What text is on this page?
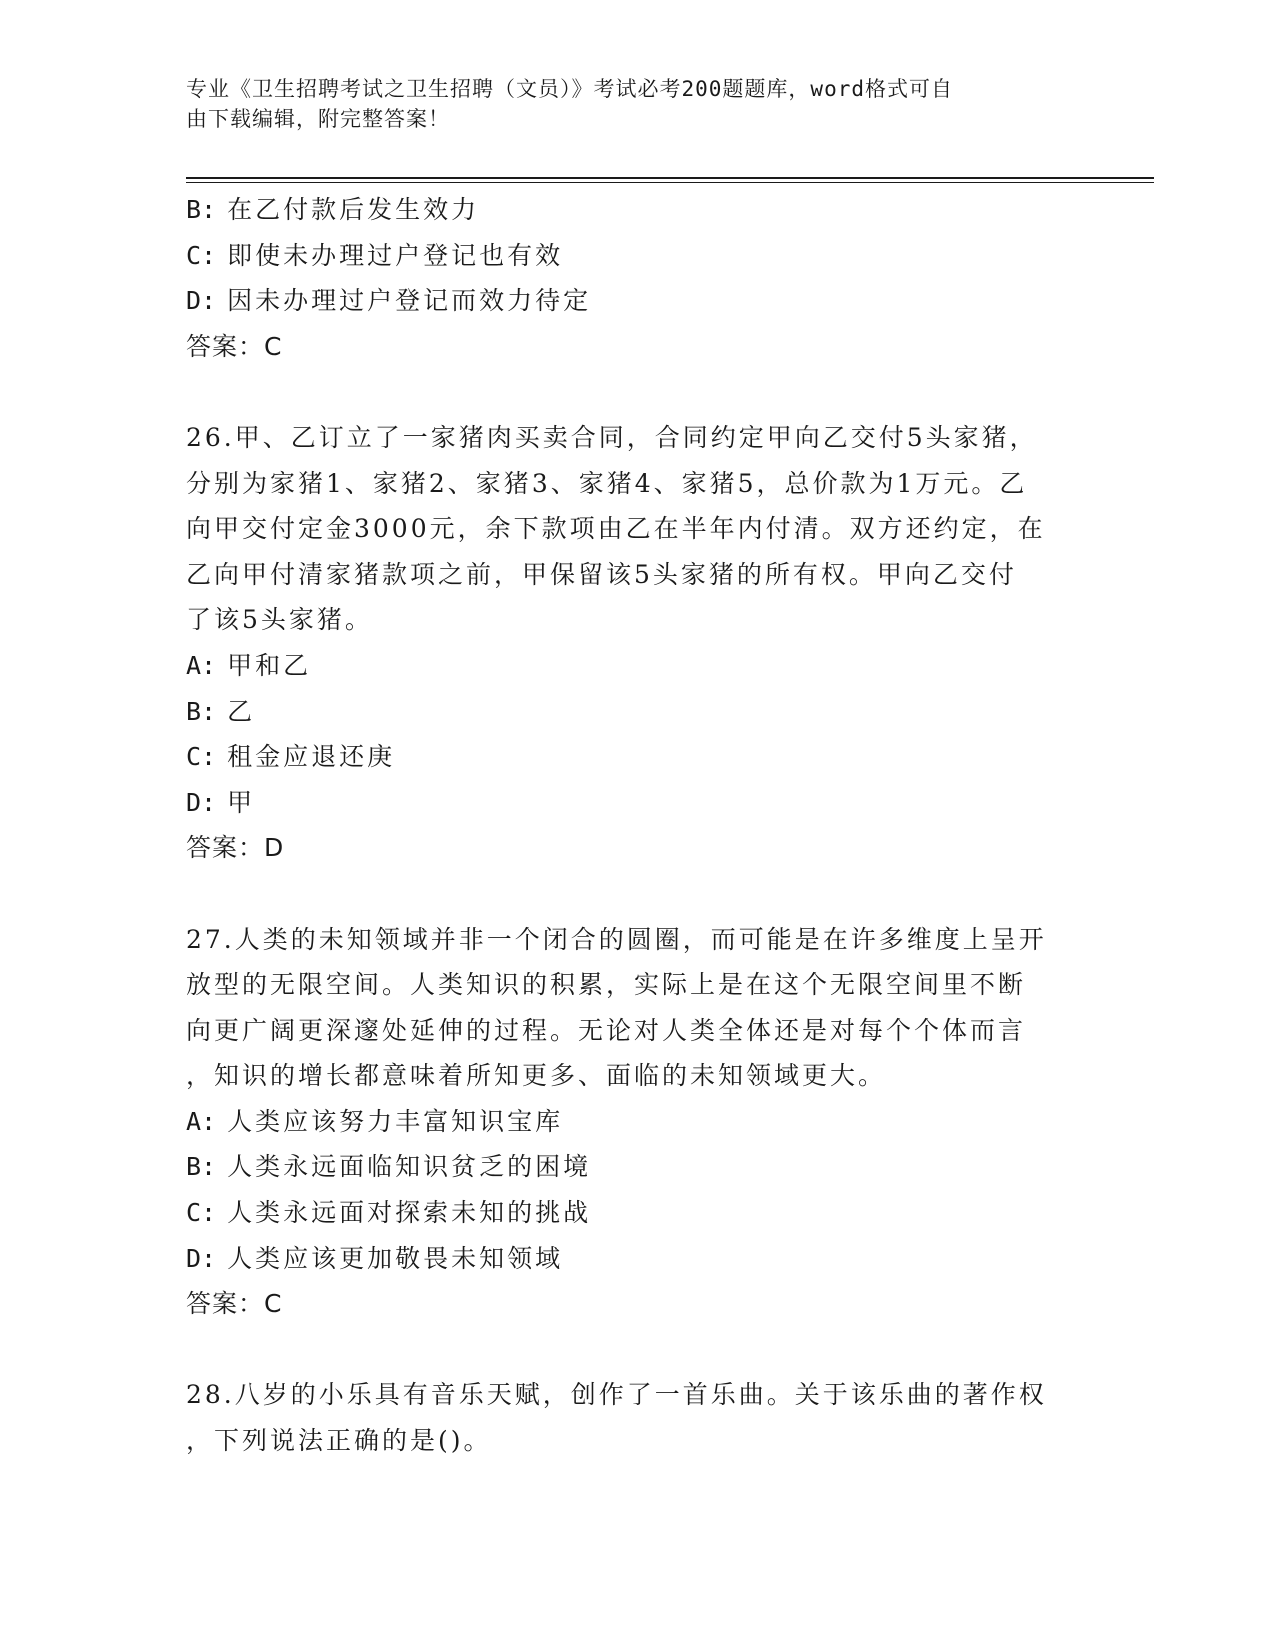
专业《卫生招聘考试之卫生招聘（文员）》考试必考200题题库，word格式可自
由下载编辑，附完整答案！
B: 在乙付款后发生效力
C: 即使未办理过户登记也有效
D: 因未办理过户登记而效力待定
答案：C
26.甲、乙订立了一家猪肉买卖合同，合同约定甲向乙交付5头家猪，
分别为家猪1、家猪2、家猪3、家猪4、家猪5，总价款为1万元。乙
向甲交付定金3000元，余下款项由乙在半年内付清。双方还约定，在
乙向甲付清家猪款项之前，甲保留该5头家猪的所有权。甲向乙交付
了该5头家猪。
A: 甲和乙
B: 乙
C: 租金应退还庚
D: 甲
答案：D
27.人类的未知领域并非一个闭合的圆圈，而可能是在许多维度上呈开
放型的无限空间。人类知识的积累，实际上是在这个无限空间里不断
向更广阔更深邃处延伸的过程。无论对人类全体还是对每个个体而言
，知识的增长都意味着所知更多、面临的未知领域更大。
A: 人类应该努力丰富知识宝库
B: 人类永远面临知识贫乏的困境
C: 人类永远面对探索未知的挑战
D: 人类应该更加敬畏未知领域
答案：C
28.八岁的小乐具有音乐天赋，创作了一首乐曲。关于该乐曲的著作权
，下列说法正确的是()。
